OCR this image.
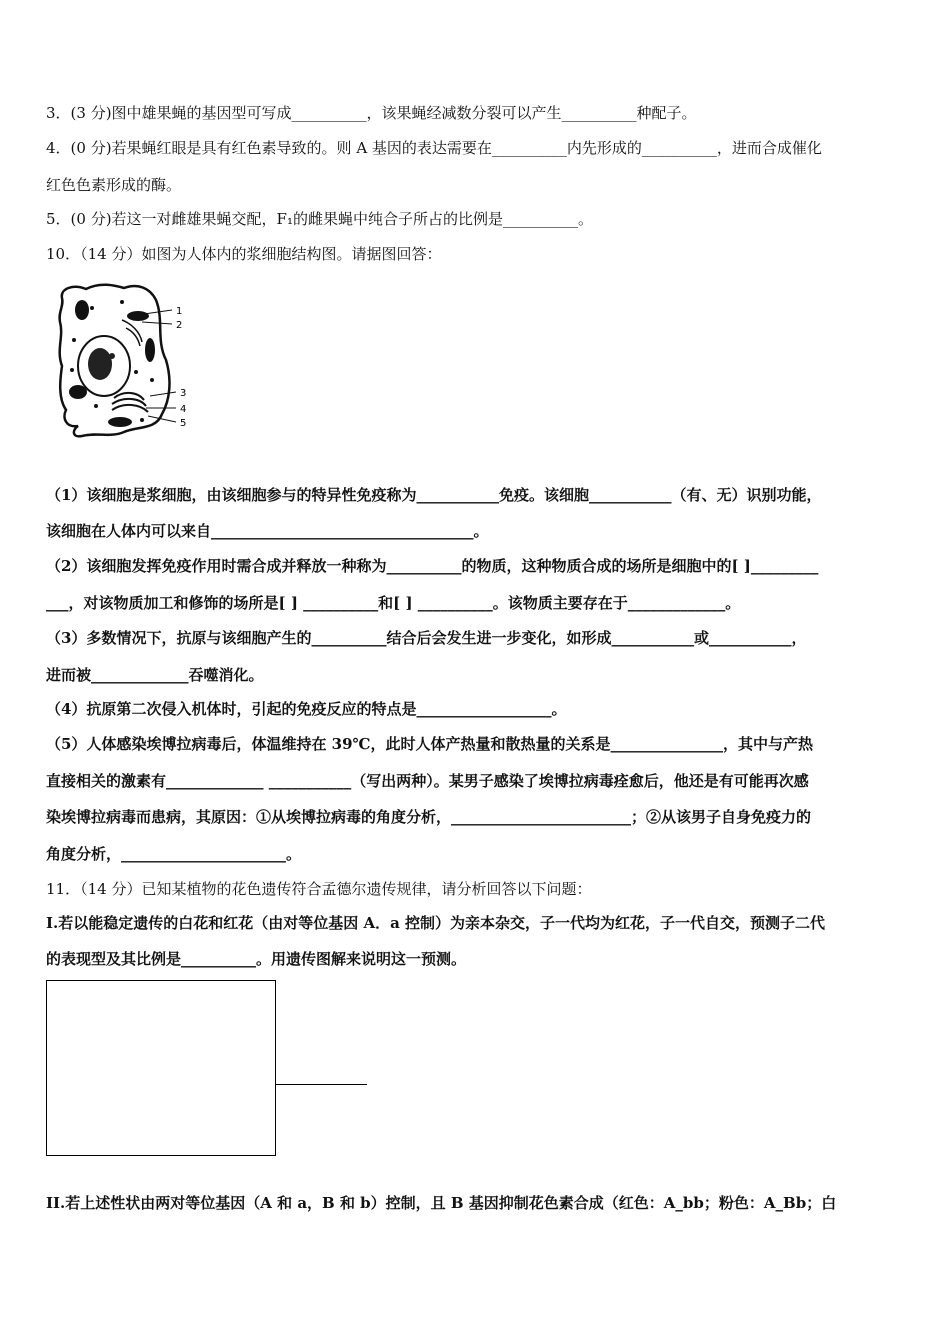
3．(3 分)图中雄果蝇的基因型可写成__________，该果蝇经减数分裂可以产生__________种配子。
4．(0 分)若果蝇红眼是具有红色素导致的。则 A 基因的表达需要在__________内先形成的__________，进而合成催化
红色色素形成的酶。
5．(0 分)若这一对雌雄果蝇交配，F₁的雌果蝇中纯合子所占的比例是__________。
10．（14 分）如图为人体内的浆细胞结构图。请据图回答：
1
2
3
4
5
（1）该细胞是浆细胞，由该细胞参与的特异性免疫称为___________免疫。该细胞___________（有、无）识别功能，
该细胞在人体内可以来自___________________________________。
（2）该细胞发挥免疫作用时需合成并释放一种称为__________的物质，这种物质合成的场所是细胞中的[ ]_________
___，对该物质加工和修饰的场所是[ ] __________和[ ] __________。该物质主要存在于_____________。
（3）多数情况下，抗原与该细胞产生的__________结合后会发生进一步变化，如形成___________或___________，
进而被_____________吞噬消化。
（4）抗原第二次侵入机体时，引起的免疫反应的特点是__________________。
（5）人体感染埃博拉病毒后，体温维持在 39℃，此时人体产热量和散热量的关系是_______________，其中与产热
直接相关的激素有_____________ ___________（写出两种）。某男子感染了埃博拉病毒痊愈后，他还是有可能再次感
染埃博拉病毒而患病，其原因：①从埃博拉病毒的角度分析，________________________；②从该男子自身免疫力的
角度分析，______________________。
11．（14 分）已知某植物的花色遗传符合孟德尔遗传规律，请分析回答以下问题：
I.若以能稳定遗传的白花和红花（由对等位基因 A．a 控制）为亲本杂交，子一代均为红花，子一代自交，预测子二代
的表现型及其比例是__________。用遗传图解来说明这一预测。
II.若上述性状由两对等位基因（A 和 a，B 和 b）控制，且 B 基因抑制花色素合成（红色：A_bb；粉色：A_Bb；白
